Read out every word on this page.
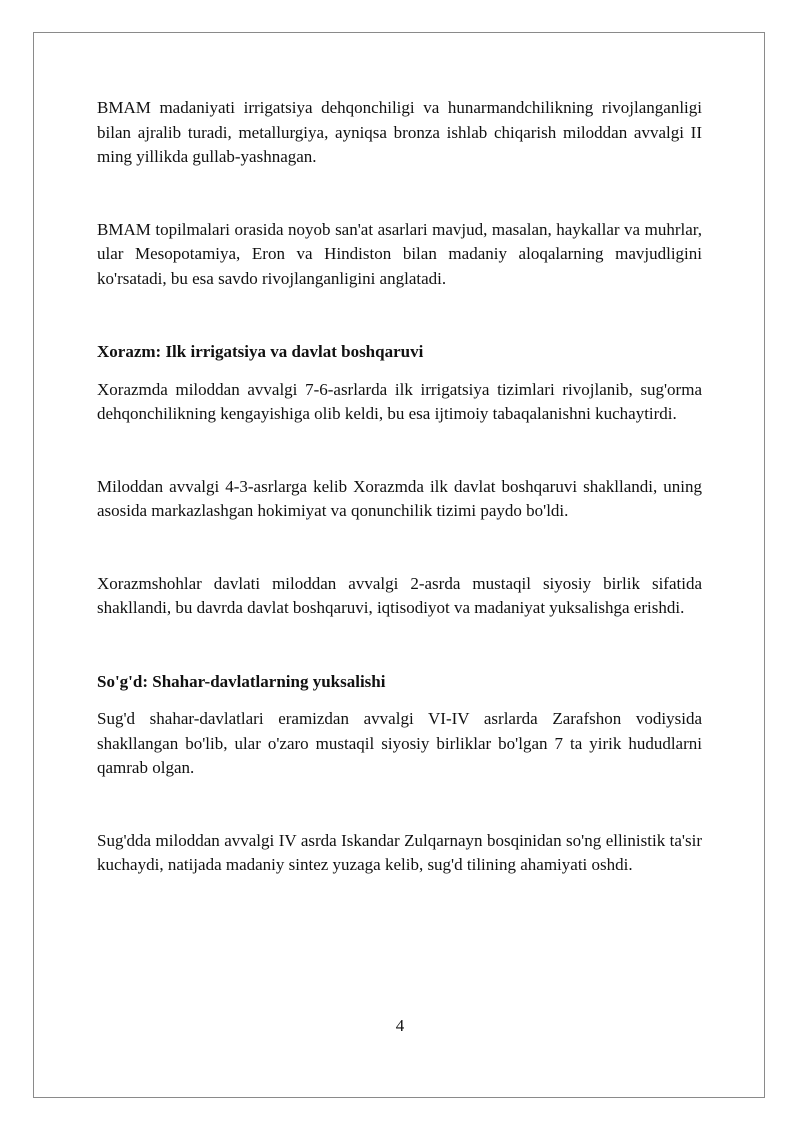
BMAM madaniyati irrigatsiya dehqonchiligi va hunarmandchilikning rivojlanganligi bilan ajralib turadi, metallurgiya, ayniqsa bronza ishlab chiqarish miloddan avvalgi II ming yillikda gullab-yashnagan.

BMAM topilmalari orasida noyob san'at asarlari mavjud, masalan, haykallar va muhrlar, ular Mesopotamiya, Eron va Hindiston bilan madaniy aloqalarning mavjudligini ko'rsatadi, bu esa savdo rivojlanganligini anglatadi.

Xorazm: Ilk irrigatsiya va davlat boshqaruvi

Xorazmda miloddan avvalgi 7-6-asrlarda ilk irrigatsiya tizimlari rivojlanib, sug'orma dehqonchilikning kengayishiga olib keldi, bu esa ijtimoiy tabaqalanishni kuchaytirdi.

Miloddan avvalgi 4-3-asrlarga kelib Xorazmda ilk davlat boshqaruvi shakllandi, uning asosida markazlashgan hokimiyat va qonunchilik tizimi paydo bo'ldi.

Xorazmshohlar davlati miloddan avvalgi 2-asrda mustaqil siyosiy birlik sifatida shakllandi, bu davrda davlat boshqaruvi, iqtisodiyot va madaniyat yuksalishga erishdi.

So'g'd: Shahar-davlatlarning yuksalishi

Sug'd shahar-davlatlari eramizdan avvalgi VI-IV asrlarda Zarafshon vodiysida shakllangan bo'lib, ular o'zaro mustaqil siyosiy birliklar bo'lgan 7 ta yirik hududlarni qamrab olgan.

Sug'dda miloddan avvalgi IV asrda Iskandar Zulqarnayn bosqinidan so'ng ellinistik ta'sir kuchaydi, natijada madaniy sintez yuzaga kelib, sug'd tilining ahamiyati oshdi.

4
